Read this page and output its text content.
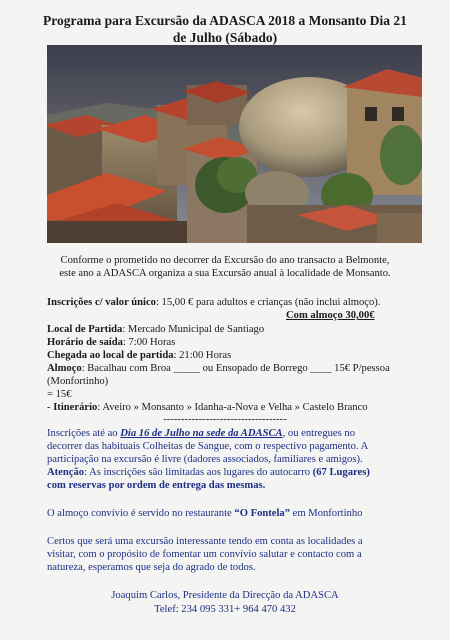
Programa para Excursão da ADASCA 2018 a Monsanto Dia 21
de Julho (Sábado)
Conforme o prometido no decorrer da Excursão do ano transacto a Belmonte,
este ano a ADASCA organiza a sua Excursão anual à localidade de Monsanto.
Inscrições c/ valor único: 15,00 € para adultos e crianças (não inclui almoço).
Com almoço 30,00€
Local de Partida: Mercado Municipal de Santiago
Horário de saída: 7:00 Horas
Chegada ao local de partida: 21:00 Horas
Almoço: Bacalhau com Broa _____ ou Ensopado de Borrego ____ 15€ P/pessoa
(Monfortinho)
= 15€
- Itinerário: Aveiro » Monsanto » Idanha-a-Nova e Velha » Castelo Branco
-----------------------------------
Inscrições até ao Dia 16 de Julho na sede da ADASCA, ou entregues no
decorrer das habituais Colheitas de Sangue, com o respectivo pagamento. A
participação na excursão é livre (dadores associados, familiares e amigos).
Atenção: As inscrições são limitadas aos lugares do autocarro (67 Lugares)
com reservas por ordem de entrega das mesmas.
O almoço convívio é servido no restaurante “O Fontela” em Monfortinho
Certos que será uma excursão interessante tendo em conta as localidades a
visitar, com o propósito de fomentar um convívio salutar e contacto com a
natureza, esperamos que seja do agrado de todos.
Joaquim Carlos, Presidente da Direcção da ADASCA
Telef: 234 095 331+ 964 470 432
